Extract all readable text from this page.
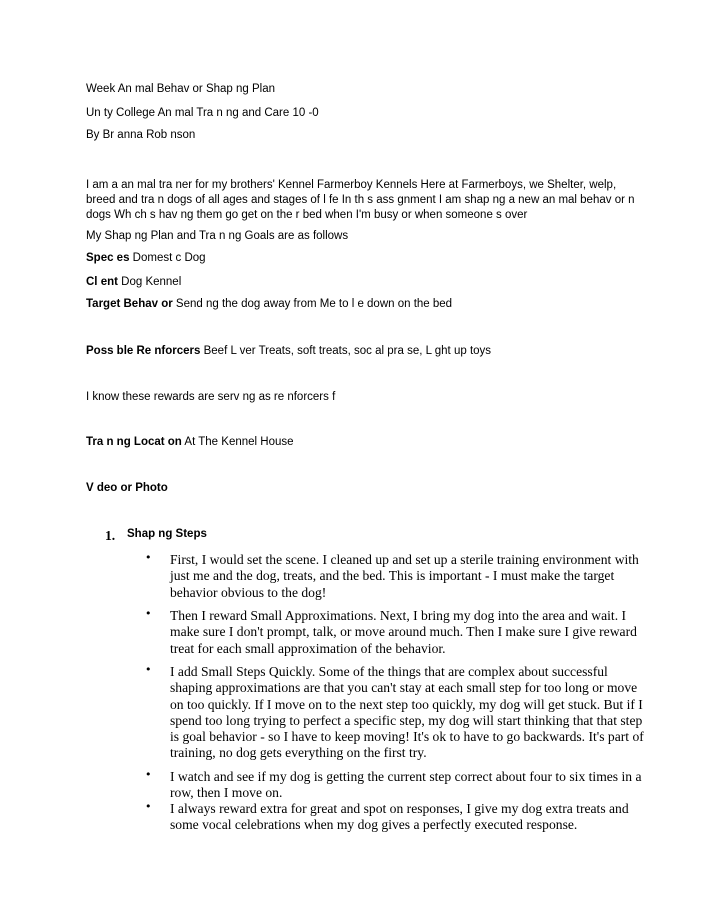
Week An mal Behav or Shap ng Plan
Un ty College An mal Tra n ng and Care 10 -0
By Br anna Rob nson
I am a an mal tra ner for my brothers' Kennel Farmerboy Kennels Here at Farmerboys, we Shelter, welp, breed and tra n dogs of all ages and stages of l fe In th s ass gnment I am shap ng a new an mal behav or n dogs Wh ch s hav ng them go get on the r bed when I'm busy or when someone s over
My Shap ng Plan and Tra n ng Goals are as follows
Spec es Domest c Dog
Cl ent Dog Kennel
Target Behav or Send ng the dog away from Me to l e down on the bed
Poss ble Re nforcers Beef L ver Treats, soft treats, soc al pra se, L ght up toys
I know these rewards are serv ng as re nforcers f
Tra n ng Locat on At The Kennel House
V deo or Photo
1. Shap ng Steps
• First, I would set the scene. I cleaned up and set up a sterile training environment with just me and the dog, treats, and the bed. This is important - I must make the target behavior obvious to the dog!
• Then I reward Small Approximations. Next, I bring my dog into the area and wait. I make sure I don't prompt, talk, or move around much. Then I make sure I give reward treat for each small approximation of the behavior.
• I add Small Steps Quickly. Some of the things that are complex about successful shaping approximations are that you can't stay at each small step for too long or move on too quickly. If I move on to the next step too quickly, my dog will get stuck. But if I spend too long trying to perfect a specific step, my dog will start thinking that that step is goal behavior - so I have to keep moving! It's ok to have to go backwards. It's part of training, no dog gets everything on the first try.
• I watch and see if my dog is getting the current step correct about four to six times in a row, then I move on.
• I always reward extra for great and spot on responses, I give my dog extra treats and some vocal celebrations when my dog gives a perfectly executed response.
